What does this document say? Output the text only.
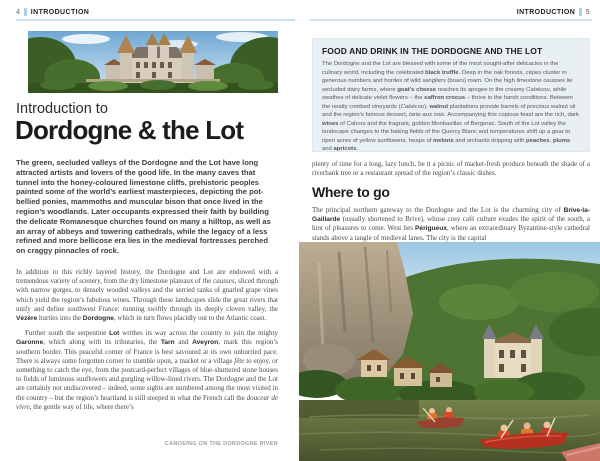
4 INTRODUCTION
Introduction to
Dordogne & the Lot
The green, secluded valleys of the Dordogne and the Lot have long attracted artists and lovers of the good life. In the many caves that tunnel into the honey-coloured limestone cliffs, prehistoric peoples painted some of the world’s earliest masterpieces, depicting the pot-bellied ponies, mammoths and muscular bison that once lived in the region’s woodlands. Later occupants expressed their faith by building the delicate Romanesque churches found on many a hilltop, as well as an array of abbeys and towering cathedrals, while the legacy of a less refined and more bellicose era lies in the medieval fortresses perched on craggy pinnacles of rock.

In addition to this richly layered history, the Dordogne and Lot are endowed with a tremendous variety of scenery, from the dry limestone plateaux of the causses, sliced through with narrow gorges, to densely wooded valleys and the serried ranks of gnarled grape vines which yield the region’s fabulous wines. Through these landscapes slide the great rivers that unify and define southwest France: running swiftly through its deeply cloven valley, the Vézère hurtles into the Dordogne, which in turn flows placidly out to the Atlantic coast.

Further south the serpentine Lot writhes its way across the country to join the mighty Garonne, which along with its tributaries, the Tarn and Aveyron, mark this region’s southern border. This peaceful corner of France is best savoured at its own unhurried pace. There is always some forgotten corner to stumble upon, a market or a village fête to enjoy, or something to catch the eye, from the postcard-perfect villages of blue-shuttered stone houses to fields of luminous sunflowers and gurgling willow-lined rivers. The Dordogne and the Lot are certainly not undiscovered – indeed, some sights are numbered among the most visited in the country – but the region’s heartland is still steeped in what the French call the douceur de vivre, the gentle way of life, where there’s

CANOEING ON THE DORDOGNE RIVER
INTRODUCTION 5
FOOD AND DRINK IN THE DORDOGNE AND THE LOT
The Dordogne and the Lot are blessed with some of the most sought-after delicacies in the culinary world, including the celebrated black truffle. Deep in the oak forests, cèpes cluster in generous numbers and hordes of wild sangliers (boars) roam. On the high limestone causses lie secluded dairy farms, where goat’s cheese reaches its apogee in the creamy Cabécou, while swathes of delicate violet flowers – the saffron crocus – thrive in the harsh conditions. Between the neatly combed vineyards (Cabécou), walnut plantations provide barrels of precious walnut oil and the region’s famous dessert, tarte aux noix. Accompanying this copious feast are the rich, dark wines of Cahors and the fragrant, golden Monbazillac of Bergerac. South of the Lot valley the landscape changes to the baking fields of the Quercy Blanc and temperatures shift up a gear to ripen acres of yellow sunflowers, heaps of melons and orchards dripping with peaches, plums and apricots.

plenty of time for a long, lazy lunch, be it a picnic of market-fresh produce beneath the shade of a riverbank tree or a restaurant spread of the region’s classic dishes.

Where to go

The principal northern gateway to the Dordogne and the Lot is the charming city of Brive-la-Gaillarde (usually shortened to Brive), whose cosy café culture exudes the spirit of the south, a hint of pleasures to come. West lies Périgueux, where an extraordinary Byzantine-style cathedral stands above a tangle of medieval lanes. The city is the capital
